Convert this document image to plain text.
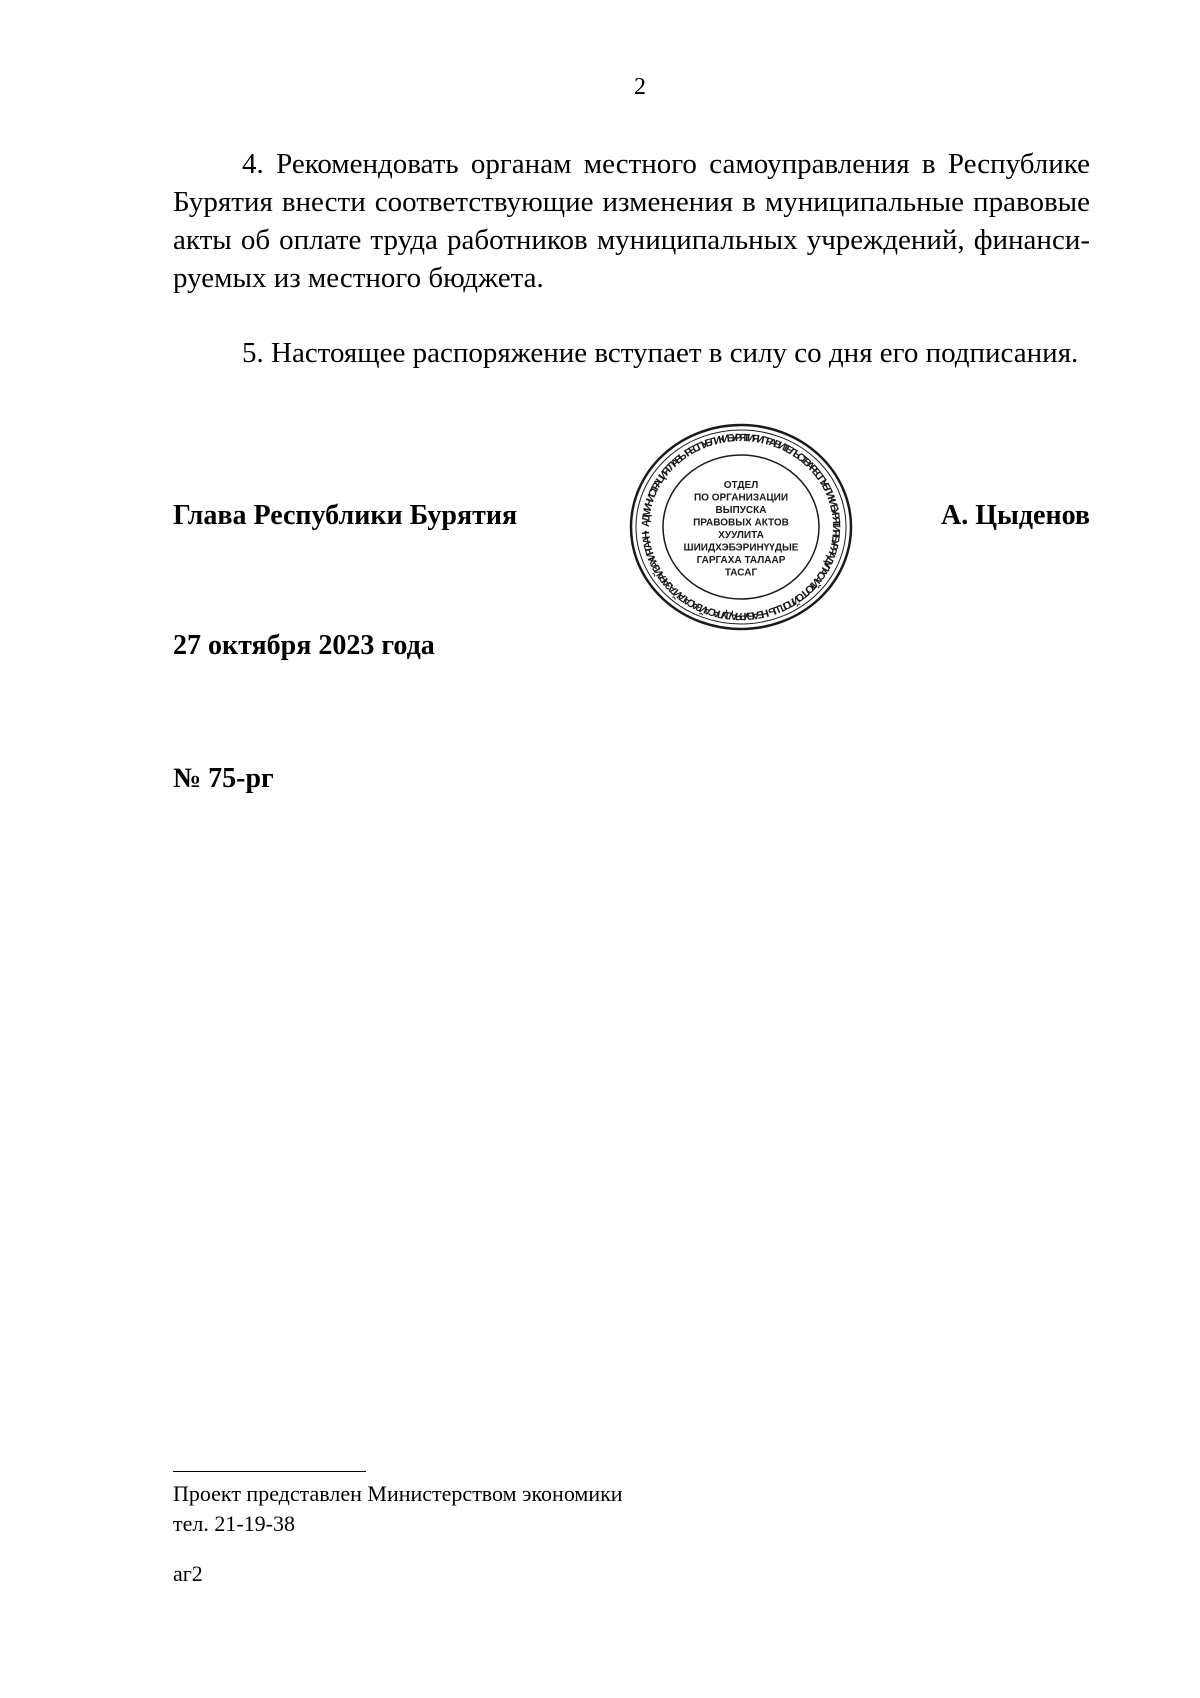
2

4. Рекомендовать органам местного самоуправления в Республике Бурятия внести соответствующие изменения в муниципальные правовые акты об оплате труда работников муниципальных учреждений, финанси-руемых из местного бюджета.

5. Настоящее распоряжение вступает в силу со дня его подписания.

Глава Республики Бурятия	АДМИНИСТРАЦИЯ ГЛАВЫ РЕСПУБЛИКИ БУРЯТИЯ И ПРАВИТЕЛЬСТВА РЕСПУБЛИКИ БУРЯТИЯ • БУРЯАД УЛАСАЙ ТОЛГОЙЛОГШЫН БА БУРЯАД УЛАСАЙ ЗАСАГАЙ ГАЗАРАЙ ЗАХИРГААН •
ОТДЕЛ
ПО ОРГАНИЗАЦИИ
ВЫПУСКА
ПРАВОВЫХ АКТОВ
ХУУЛИТА
ШИИДХЭБЭРИНҮҮДЫЕ
ГАРГАХА ТАЛААР
ТАСАГ
А. Цыденов
27 октября 2023 года
№ 75-рг
Проект представлен Министерством экономики
тел. 21-19-38
аг2
